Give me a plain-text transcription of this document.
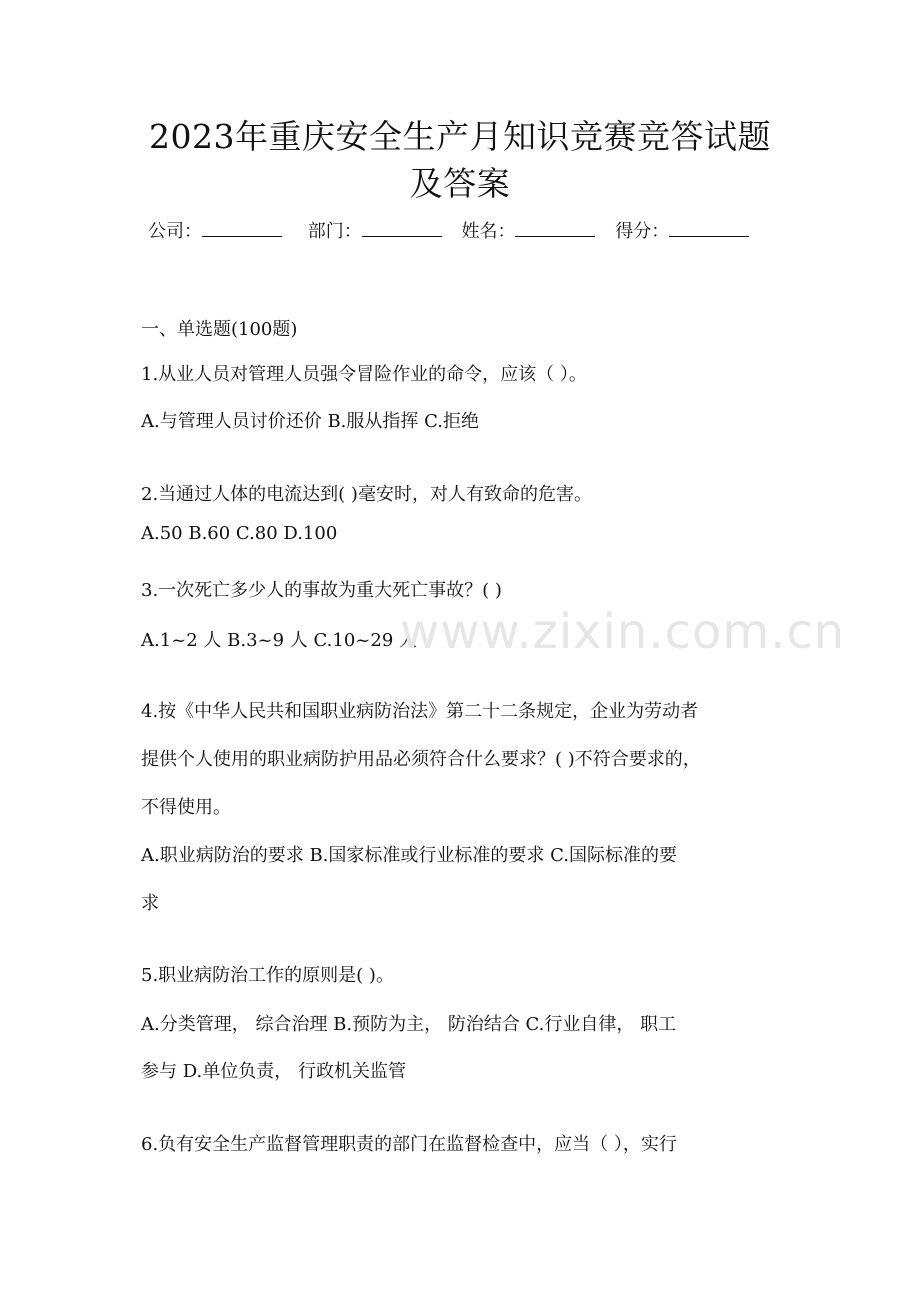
2023年重庆安全生产月知识竞赛竞答试题
及答案
公司：	部门：	姓名：	得分：
一、单选题(100题)
1.从业人员对管理人员强令冒险作业的命令，应该（ ）。
A.与管理人员讨价还价 B.服从指挥 C.拒绝
2.当通过人体的电流达到( )毫安时，对人有致命的危害。
A.50 B.60 C.80 D.100
3.一次死亡多少人的事故为重大死亡事故？( )
A.1~2 人 B.3~9 人 C.10~29 人
4.按《中华人民共和国职业病防治法》第二十二条规定，企业为劳动者
提供个人使用的职业病防护用品必须符合什么要求？( )不符合要求的，
不得使用。
A.职业病防治的要求 B.国家标准或行业标准的要求 C.国际标准的要
求
5.职业病防治工作的原则是( )。
A.分类管理， 综合治理 B.预防为主， 防治结合 C.行业自律， 职工
参与 D.单位负责， 行政机关监管
6.负有安全生产监督管理职责的部门在监督检查中，应当（ ），实行
www.zixin.com.cn
